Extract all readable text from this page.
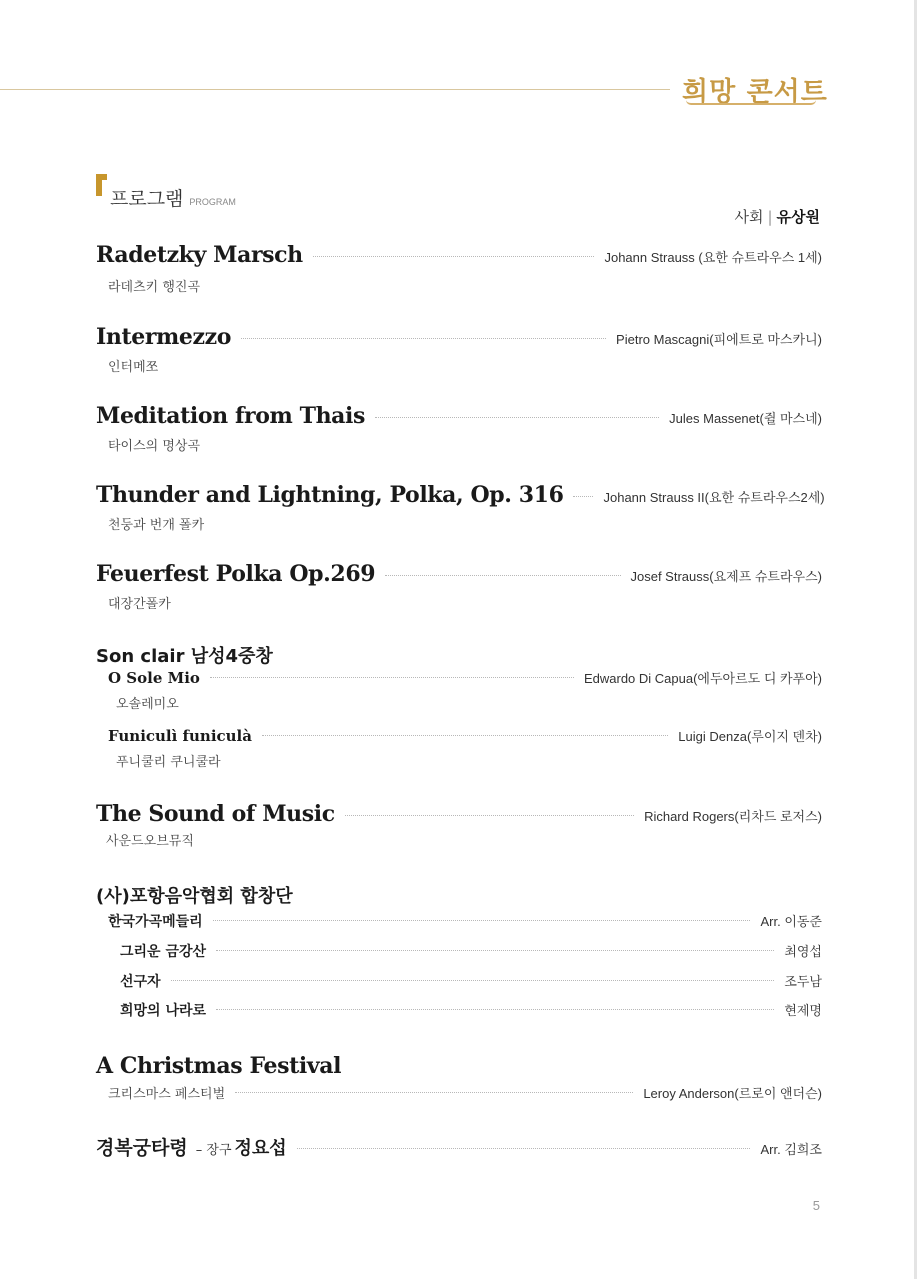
희망 콘서트
프로그램 PROGRAM
사회 | 유상원
Radetzky Marsch	Johann Strauss (요한 슈트라우스 1세)
라데츠키 행진곡
Intermezzo	Pietro Mascagni(피에트로 마스카니)
인터메쪼
Meditation from Thais	Jules Massenet(쥘 마스네)
타이스의 명상곡
Thunder and Lightning, Polka, Op. 316	Johann Strauss II(요한 슈트라우스2세)
천둥과 번개 폴카
Feuerfest Polka Op.269	Josef Strauss(요제프 슈트라우스)
대장간폴카
Son clair 남성4중창
O Sole Mio	Edwardo Di Capua(에두아르도 디 카푸아)
오솔레미오
Funiculì funiculà	Luigi Denza(루이지 덴차)
푸니쿨리 쿠니쿨라
The Sound of Music	Richard Rogers(리차드 로저스)
사운드오브뮤직
(사)포항음악협회 합창단
한국가곡메들리	Arr. 이동준
그리운 금강산	최영섭
선구자	조두남
희망의 나라로	현제명
A Christmas Festival
크리스마스 페스티벌	Leroy Anderson(르로이 앤더슨)
경복궁타령 – 장구 정요섭	Arr. 김희조
5
